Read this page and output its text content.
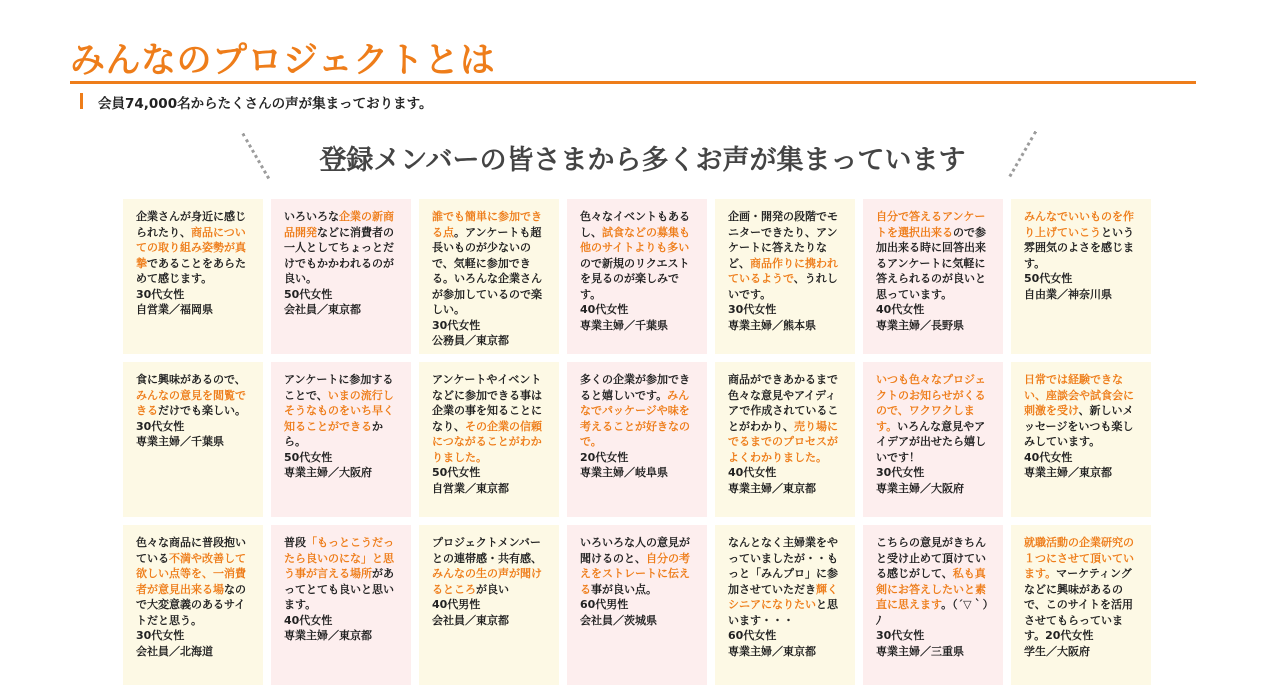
みんなのプロジェクトとは
会員74,000名からたくさんの声が集まっております。
登録メンバーの皆さまから多くお声が集まっています
企業さんが身近に感じられたり、商品についての取り組み姿勢が真摯であることをあらためて感じます。
30代女性
自営業／福岡県
いろいろな企業の新商品開発などに消費者の一人としてちょっとだけでもかかわれるのが良い。
50代女性
会社員／東京都
誰でも簡単に参加できる点。アンケートも超長いものが少ないので、気軽に参加できる。いろんな企業さんが参加しているので楽しい。
30代女性
公務員／東京都
色々なイベントもあるし、試食などの募集も他のサイトよりも多いので新規のリクエストを見るのが楽しみです。
40代女性
専業主婦／千葉県
企画・開発の段階でモニターできたり、アンケートに答えたりなど、商品作りに携われているようで、うれしいです。
30代女性
専業主婦／熊本県
自分で答えるアンケートを選択出来るので参加出来る時に回答出来るアンケートに気軽に答えられるのが良いと思っています。
40代女性
専業主婦／長野県
みんなでいいものを作り上げていこうという雰囲気のよさを感じます。
50代女性
自由業／神奈川県
食に興味があるので、みんなの意見を閲覧できるだけでも楽しい。
30代女性
専業主婦／千葉県
アンケートに参加することで、いまの流行しそうなものをいち早く知ることができるから。
50代女性
専業主婦／大阪府
アンケートやイベントなどに参加できる事は企業の事を知ることになり、その企業の信頼につながることがわかりました。
50代女性
自営業／東京都
多くの企業が参加できると嬉しいです。みんなでパッケージや味を考えることが好きなので。
20代女性
専業主婦／岐阜県
商品ができあかるまで色々な意見やアイディアで作成されていることがわかり、売り場にでるまでのプロセスがよくわかりました。
40代女性
専業主婦／東京都
いつも色々なプロジェクトのお知らせがくるので、ワクワクします。いろんな意見やアイデアが出せたら嬉しいです！
30代女性
専業主婦／大阪府
日常では経験できない、座談会や試食会に刺激を受け、新しいメッセージをいつも楽しみしています。
40代女性
専業主婦／東京都
色々な商品に普段抱いている不満や改善して欲しい点等を、一消費者が意見出来る場なので大変意義のあるサイトだと思う。
30代女性
会社員／北海道
普段「もっとこうだったら良いのにな」と思う事が言える場所があってとても良いと思います。
40代女性
専業主婦／東京都
プロジェクトメンバーとの連帯感・共有感、みんなの生の声が聞けるところが良い
40代男性
会社員／東京都
いろいろな人の意見が聞けるのと、自分の考えをストレートに伝える事が良い点。
60代男性
会社員／茨城県
なんとなく主婦業をやっていましたが・・もっと「みんプロ」に参加させていただき輝くシニアになりたいと思います・・・
60代女性
専業主婦／東京都
こちらの意見がきちんと受け止めて頂けている感じがして、私も真剣にお答えしたいと素直に思えます。（´▽｀）ﾉ
30代女性
専業主婦／三重県
就職活動の企業研究の１つにさせて頂いています。マーケティングなどに興味があるので、このサイトを活用させてもらっています。20代女性
学生／大阪府
